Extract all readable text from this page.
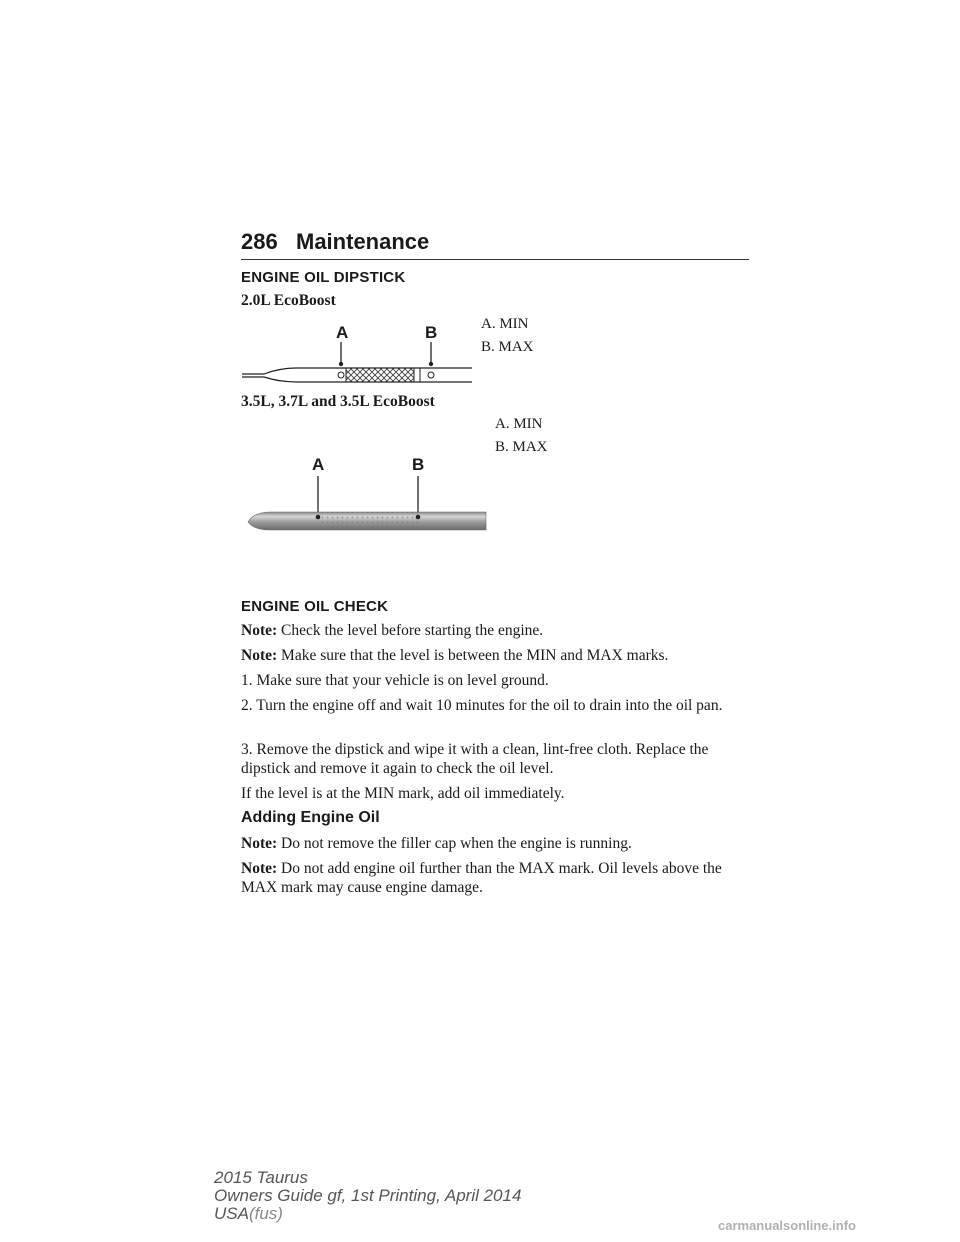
286 Maintenance
ENGINE OIL DIPSTICK
2.0L EcoBoost
A. MIN
B. MAX
A	B
3.5L, 3.7L and 3.5L EcoBoost
A. MIN
B. MAX
A	B
ENGINE OIL CHECK
Note: Check the level before starting the engine.
Note: Make sure that the level is between the MIN and MAX marks.
1. Make sure that your vehicle is on level ground.
2. Turn the engine off and wait 10 minutes for the oil to drain into the oil pan.
3. Remove the dipstick and wipe it with a clean, lint-free cloth. Replace the dipstick and remove it again to check the oil level.
If the level is at the MIN mark, add oil immediately.
Adding Engine Oil
Note: Do not remove the filler cap when the engine is running.
Note: Do not add engine oil further than the MAX mark. Oil levels above the MAX mark may cause engine damage.
2015 Taurus
Owners Guide gf, 1st Printing, April 2014
USA(fus)
carmanualsonline.info
